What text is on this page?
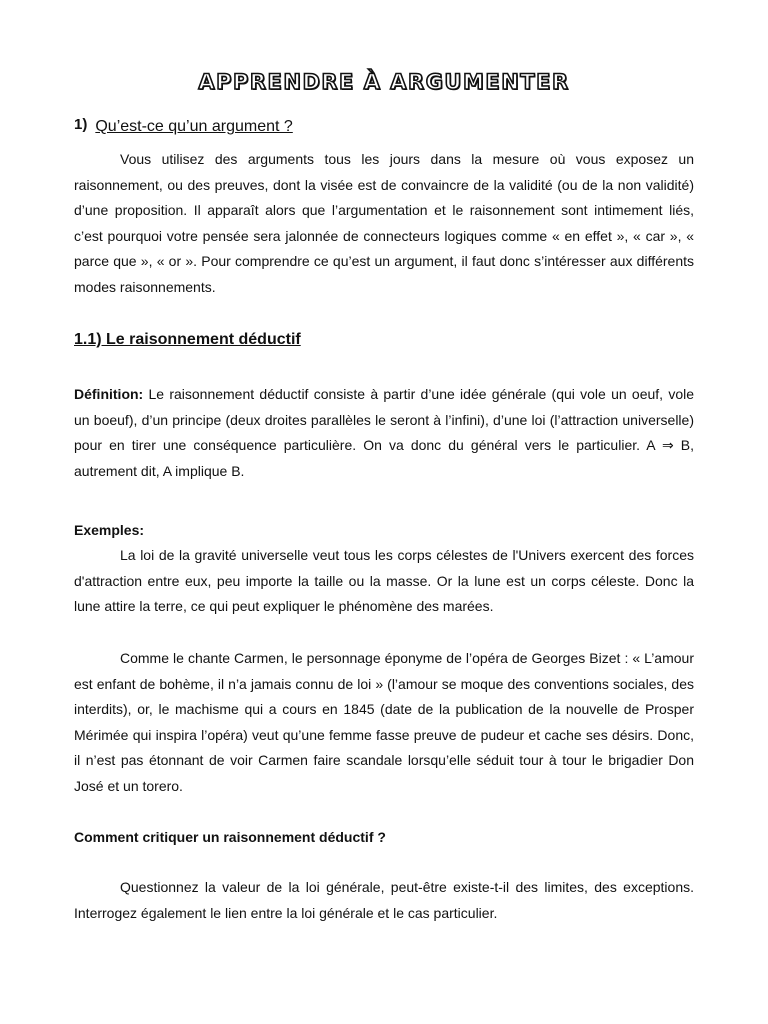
APPRENDRE À ARGUMENTER
1) Qu’est-ce qu’un argument ?

Vous utilisez des arguments tous les jours dans la mesure où vous exposez un raisonnement, ou des preuves, dont la visée est de convaincre de la validité (ou de la non validité) d’une proposition. Il apparaît alors que l’argumentation et le raisonnement sont intimement liés, c’est pourquoi votre pensée sera jalonnée de connecteurs logiques comme « en effet », « car », « parce que », « or ». Pour comprendre ce qu’est un argument, il faut donc s’intéresser aux différents modes raisonnements.

1.1) Le raisonnement déductif

Définition: Le raisonnement déductif consiste à partir d’une idée générale (qui vole un oeuf, vole un boeuf), d’un principe (deux droites parallèles le seront à l’infini), d’une loi (l’attraction universelle) pour en tirer une conséquence particulière. On va donc du général vers le particulier. A ⇒ B, autrement dit, A implique B.

Exemples:

La loi de la gravité universelle veut tous les corps célestes de l'Univers exercent des forces d'attraction entre eux, peu importe la taille ou la masse. Or la lune est un corps céleste. Donc la lune attire la terre, ce qui peut expliquer le phénomène des marées.

Comme le chante Carmen, le personnage éponyme de l’opéra de Georges Bizet : « L’amour est enfant de bohème, il n’a jamais connu de loi » (l’amour se moque des conventions sociales, des interdits), or, le machisme qui a cours en 1845 (date de la publication de la nouvelle de Prosper Mérimée qui inspira l’opéra) veut qu’une femme fasse preuve de pudeur et cache ses désirs. Donc, il n’est pas étonnant de voir Carmen faire scandale lorsqu’elle séduit tour à tour le brigadier Don José et un torero.

Comment critiquer un raisonnement déductif ?

Questionnez la valeur de la loi générale, peut-être existe-t-il des limites, des exceptions. Interrogez également le lien entre la loi générale et le cas particulier.
